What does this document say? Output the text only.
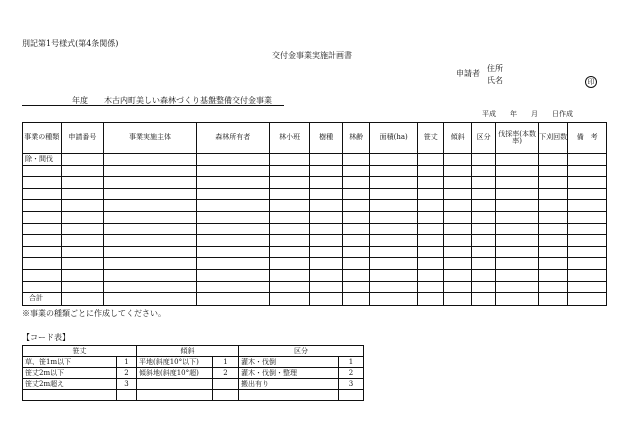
別記第1号様式(第4条関係)
交付金事業実施計画書
申請者
住所
氏名	印
年度　　木古内町美しい森林づくり基盤整備交付金事業
平成　　年　　月　　日作成
事業の種類	申請番号	事業実施主体	森林所有者	林小班	樹種	林齢	面積(ha)	笹丈	傾斜	区分	伐採率(本数率)	下刈回数	備　考
除・間伐													

合計													
※事業の種類ごとに作成してください。
【コード表】
笹丈		傾斜		区分	
草、笹1m以下	1	平地(斜度10°以下)	1	灌木・伐倒	1
笹丈2m以下	2	傾斜地(斜度10°超)	2	灌木・伐倒・整理	2
笹丈2m超え	3			搬出有り	3
